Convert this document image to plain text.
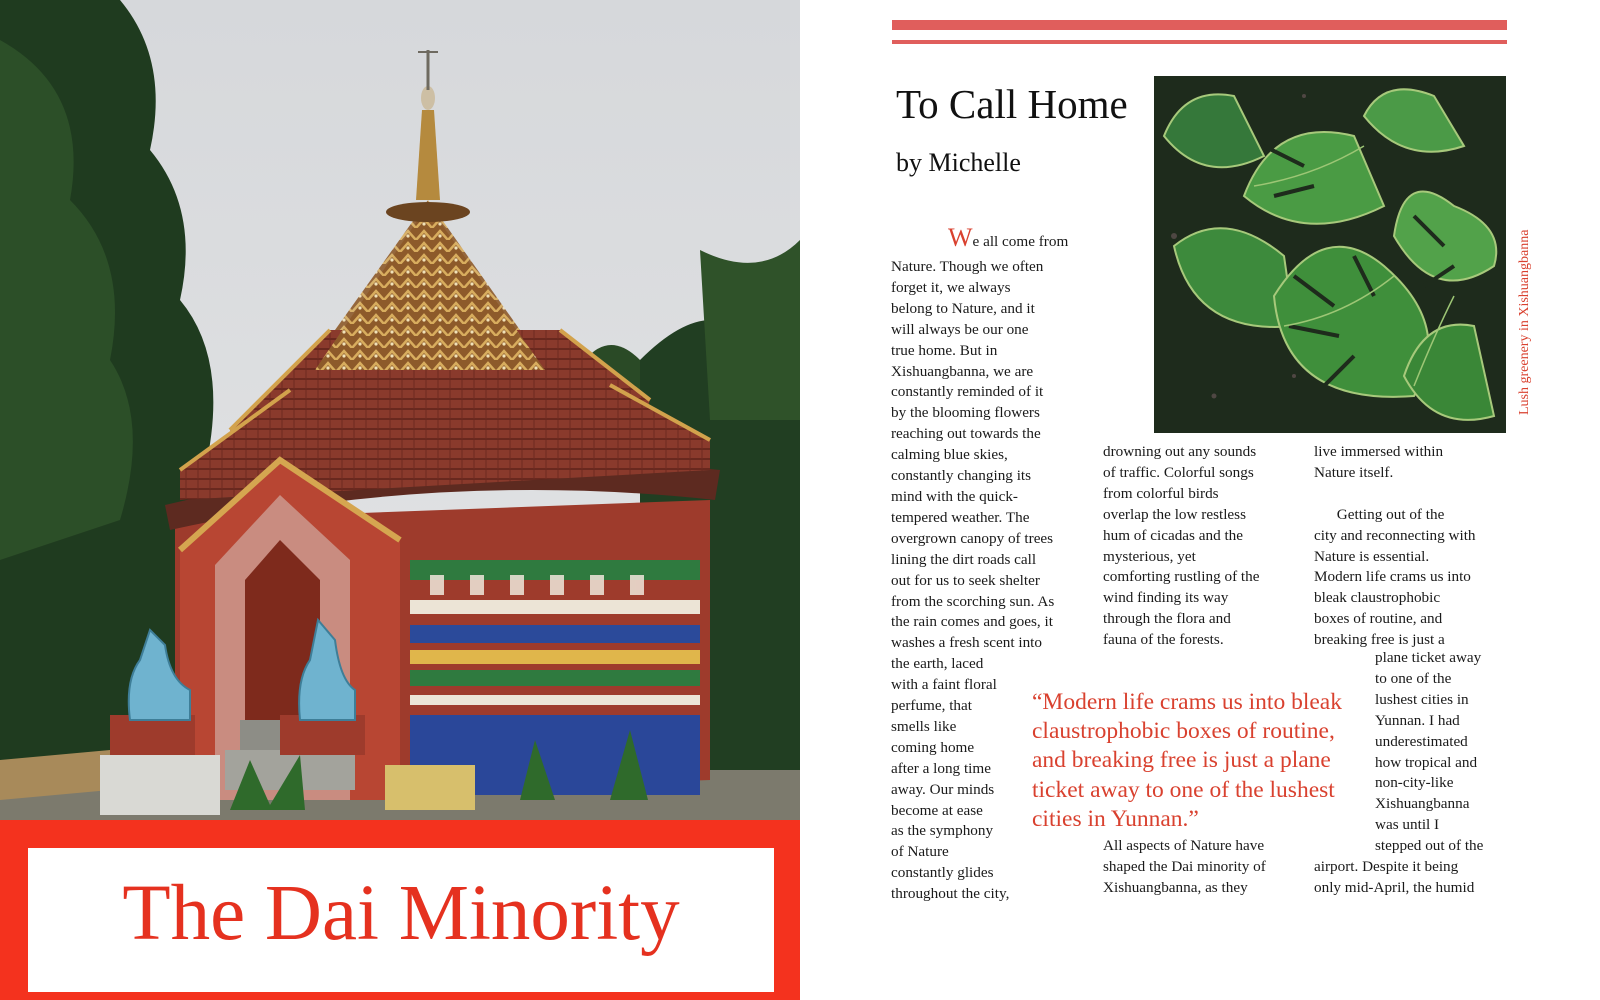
The Dai Minority
To Call Home
by Michelle
Lush greenery in Xishuangbanna

We all come from

Nature. Though we often
forget it, we always
belong to Nature, and it
will always be our one
true home. But in
Xishuangbanna, we are
constantly reminded of it
by the blooming flowers
reaching out towards the
calming blue skies,
constantly changing its
mind with the quick-
tempered weather. The
overgrown canopy of trees
lining the dirt roads call
out for us to seek shelter
from the scorching sun. As
the rain comes and goes, it
washes a fresh scent into
the earth, laced
with a faint floral
perfume, that
smells like
coming home
after a long time
away. Our minds
become at ease
as the symphony
of Nature
constantly glides
throughout the city,

drowning out any sounds
of traffic. Colorful songs
from colorful birds
overlap the low restless
hum of cicadas and the
mysterious, yet
comforting rustling of the
wind finding its way
through the flora and
fauna of the forests.

All aspects of Nature have
shaped the Dai minority of
Xishuangbanna, as they

live immersed within
Nature itself.

Getting out of the
city and reconnecting with
Nature is essential.
Modern life crams us into
bleak claustrophobic
boxes of routine, and
breaking free is just a

plane ticket away
to one of the
lushest cities in
Yunnan. I had
underestimated
how tropical and
non-city-like
Xishuangbanna
was until I
stepped out of the

airport. Despite it being
only mid-April, the humid

“Modern life crams us into bleak
claustrophobic boxes of routine,
and breaking free is just a plane
ticket away to one of the lushest
cities in Yunnan.”
